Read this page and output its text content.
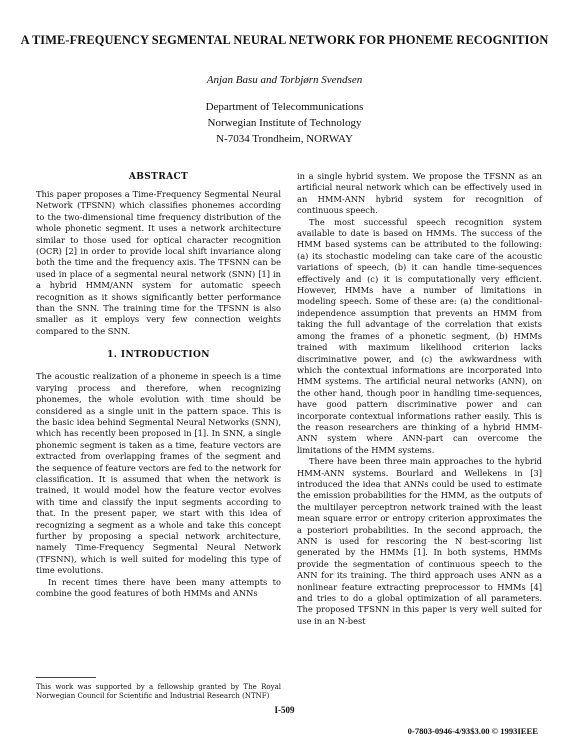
A TIME-FREQUENCY SEGMENTAL NEURAL NETWORK FOR PHONEME RECOGNITION
Anjan Basu and Torbjørn Svendsen
Department of Telecommunications
Norwegian Institute of Technology
N-7034 Trondheim, NORWAY
ABSTRACT

This paper proposes a Time-Frequency Segmental Neural Network (TFSNN) which classifies phonemes according to the two-dimensional time frequency distribution of the whole phonetic segment. It uses a network architecture similar to those used for optical character recognition (OCR) [2] in order to provide local shift invariance along both the time and the frequency axis. The TFSNN can be used in place of a segmental neural network (SNN) [1] in a hybrid HMM/ANN system for automatic speech recognition as it shows significantly better performance than the SNN. The training time for the TFSNN is also smaller as it employs very few connection weights compared to the SNN.

1. INTRODUCTION

The acoustic realization of a phoneme in speech is a time varying process and therefore, when recognizing phonemes, the whole evolution with time should be considered as a single unit in the pattern space. This is the basic idea behind Segmental Neural Networks (SNN), which has recently been proposed in [1]. In SNN, a single phonemic segment is taken as a time, feature vectors are extracted from overlapping frames of the segment and the sequence of feature vectors are fed to the network for classification. It is assumed that when the network is trained, it would model how the feature vector evolves with time and classify the input segments according to that. In the present paper, we start with this idea of recognizing a segment as a whole and take this concept further by proposing a special network architecture, namely Time-Frequency Segmental Neural Network (TFSNN), which is well suited for modeling this type of time evolutions.

In recent times there have been many attempts to combine the good features of both HMMs and ANNs

in a single hybrid system. We propose the TFSNN as an artificial neural network which can be effectively used in an HMM-ANN hybrid system for recognition of continuous speech.

The most successful speech recognition system available to date is based on HMMs. The success of the HMM based systems can be attributed to the following: (a) its stochastic modeling can take care of the acoustic variations of speech, (b) it can handle time-sequences effectively and (c) it is computationally very efficient. However, HMMs have a number of limitations in modeling speech. Some of these are: (a) the conditional-independence assumption that prevents an HMM from taking the full advantage of the correlation that exists among the frames of a phonetic segment, (b) HMMs trained with maximum likelihood criterion lacks discriminative power, and (c) the awkwardness with which the contextual informations are incorporated into HMM systems. The artificial neural networks (ANN), on the other hand, though poor in handling time-sequences, have good pattern discriminative power and can incorporate contextual informations rather easily. This is the reason researchers are thinking of a hybrid HMM-ANN system where ANN-part can overcome the limitations of the HMM systems.

There have been three main approaches to the hybrid HMM-ANN systems. Bourlard and Wellekens in [3] introduced the idea that ANNs could be used to estimate the emission probabilities for the HMM, as the outputs of the multilayer perceptron network trained with the least mean square error or entropy criterion approximates the a posteriori probabilities. In the second approach, the ANN is used for rescoring the N best-scoring list generated by the HMMs [1]. In both systems, HMMs provide the segmentation of continuous speech to the ANN for its training. The third approach uses ANN as a nonlinear feature extracting preprocessor to HMMs [4] and tries to do a global optimization of all parameters. The proposed TFSNN in this paper is very well suited for use in an N-best

This work was supported by a fellowship granted by The Royal Norwegian Council for Scientific and Industrial Research (NTNF)
I-509
0-7803-0946-4/93$3.00 © 1993IEEE
